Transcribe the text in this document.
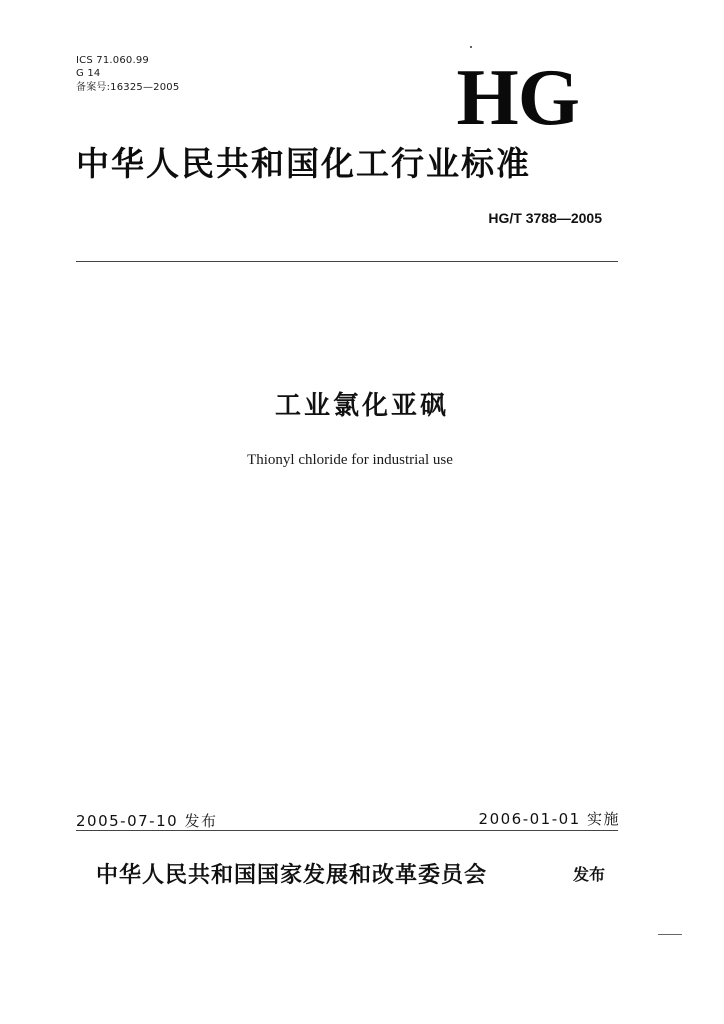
ICS 71.060.99
G 14
备案号:16325—2005	HG
中华人民共和国化工行业标准
HG/T 3788—2005
工业氯化亚砜
Thionyl chloride for industrial use
2005-07-10 发布	2006-01-01 实施
中华人民共和国国家发展和改革委员会	发布
